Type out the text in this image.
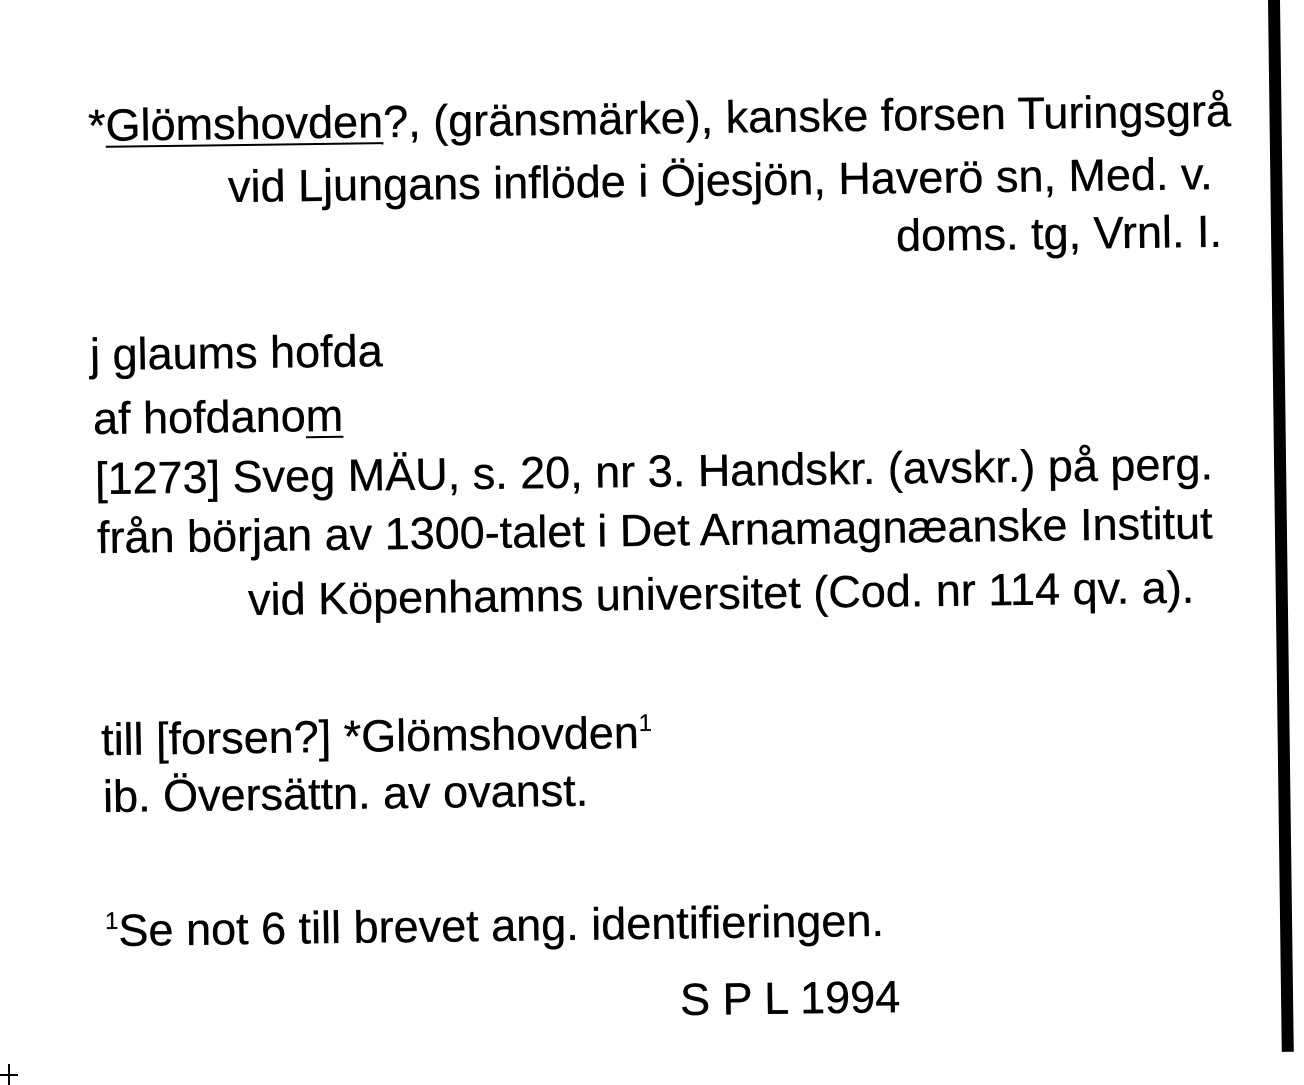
*Glömshovden?, (gränsmärke), kanske forsen Turingsgrå
vid Ljungans inflöde i Öjesjön, Haverö sn, Med. v.
doms. tg, Vrnl. I.
j glaums hofda
af hofdanom
[1273] Sveg MÄU, s. 20, nr 3. Handskr. (avskr.) på perg.
från början av 1300-talet i Det Arnamagnæanske Institut
vid Köpenhamns universitet (Cod. nr 114 qv. a).
till [forsen?] *Glömshovden$^1$
ib. Översättn. av ovanst.
$^1$Se not 6 till brevet ang. identifieringen.
S P L 1994
